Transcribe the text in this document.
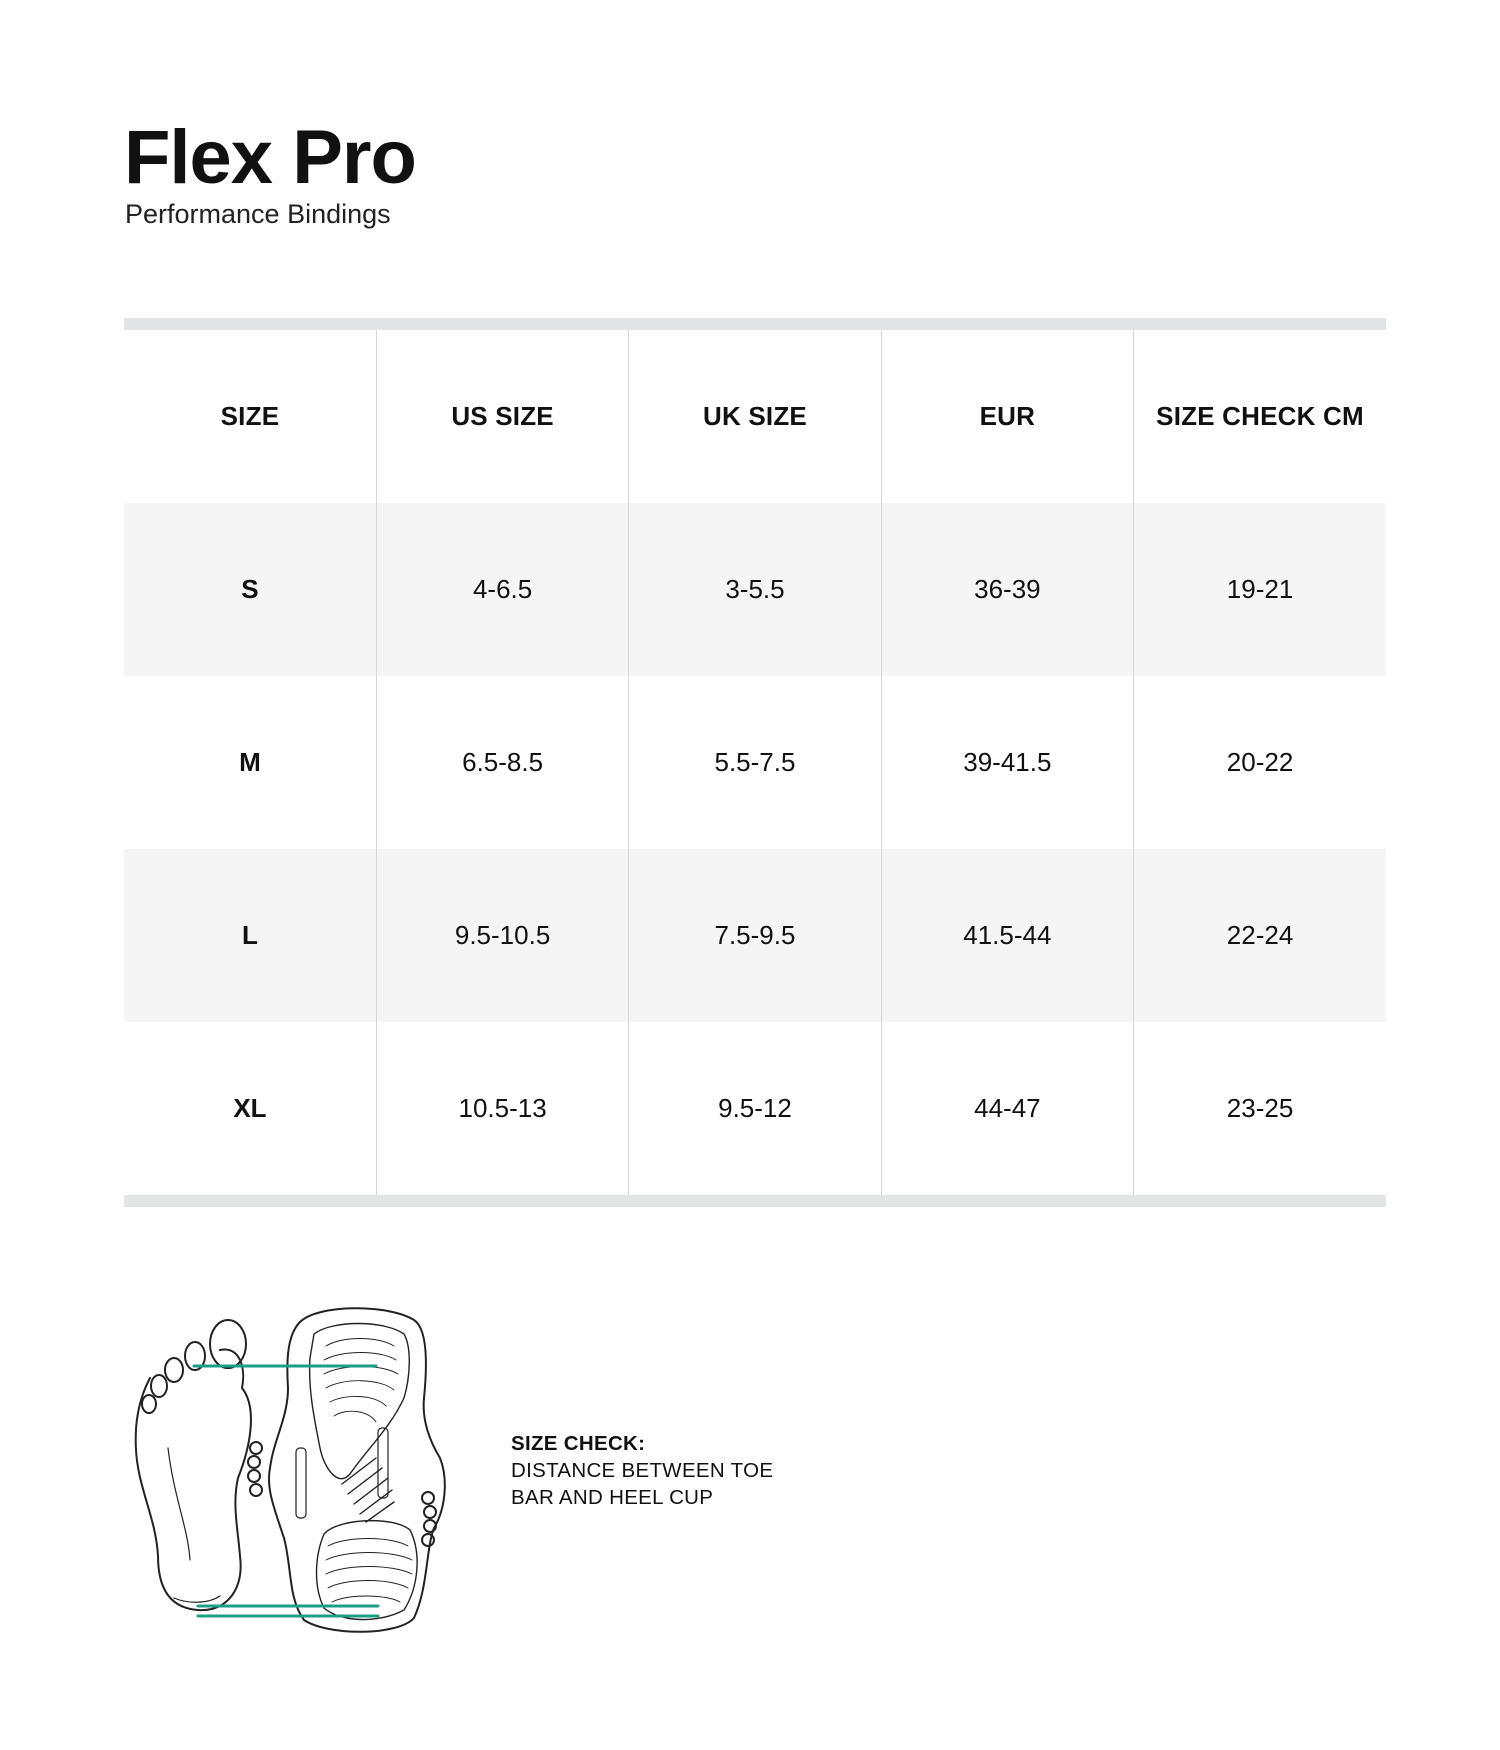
Flex Pro
Performance Bindings
SIZE	US SIZE	UK SIZE	EUR	SIZE CHECK CM
S	4-6.5	3-5.5	36-39	19-21
M	6.5-8.5	5.5-7.5	39-41.5	20-22
L	9.5-10.5	7.5-9.5	41.5-44	22-24
XL	10.5-13	9.5-12	44-47	23-25
SIZE CHECK:
DISTANCE BETWEEN TOE BAR AND HEEL CUP
